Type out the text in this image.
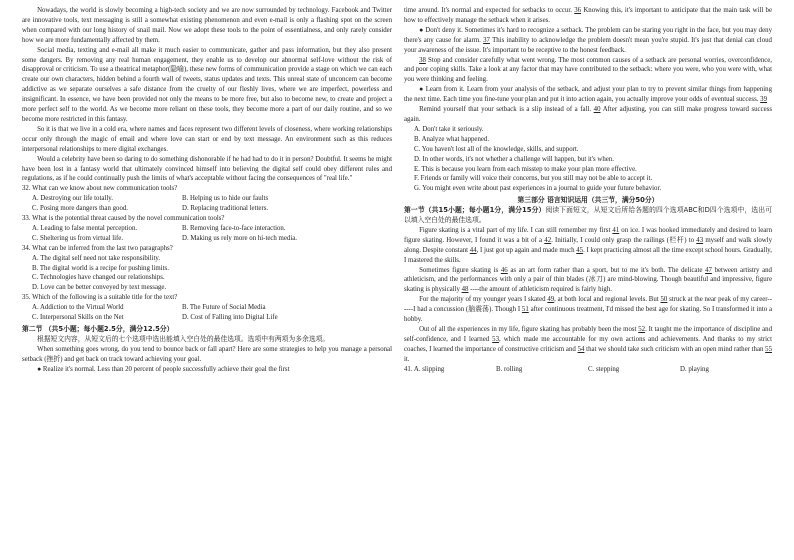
Nowadays, the world is slowly becoming a high-tech society and we are now surrounded by technology. Facebook and Twitter are innovative tools, text messaging is still a somewhat existing phenomenon and even e-mail is only a flashing spot on the screen when compared with our long history of snail mail. Now we adopt these tools to the point of essentialness, and only rarely consider how we are more fundamentally affected by them.

Social media, texting and e-mail all make it much easier to communicate, gather and pass information, but they also present some dangers. By removing any real human engagement, they enable us to develop our abnormal self-love without the risk of disapproval or criticism. To use a theatrical metaphor(隐喻), these new forms of communication provide a stage on which we can each create our own characters, hidden behind a fourth wall of tweets, status updates and texts. This unreal state of unconcern can become addictive as we separate ourselves a safe distance from the cruelty of our fleshly lives, where we are imperfect, powerless and insignificant. In essence, we have been provided not only the means to be more free, but also to become new, to create and project a more perfect self to the world. As we become more reliant on these tools, they become more a part of our daily routine, and so we become more restricted in this fantasy.

So it is that we live in a cold era, where names and faces represent two different levels of closeness, where working relationships occur only through the magic of email and where love can start or end by text message. An environment such as this reduces interpersonal relationships to mere digital exchanges.

Would a celebrity have been so daring to do something dishonorable if he had had to do it in person? Doubtful. It seems he might have been lost in a fantasy world that ultimately convinced himself into believing the digital self could obey different rules and regulations, as if he could continually push the limits of what's acceptable without facing the consequences of "real life."

32. What can we know about new communication tools?

A. Destroying our life totally.	B. Helping us to hide our faults
C. Posing more dangers than good.	D. Replacing traditional letters.

33. What is the potential threat caused by the novel communication tools?

A. Leading to false mental perception.	B. Removing face-to-face interaction.
C. Sheltering us from virtual life.	D. Making us rely more on hi-tech media.

34. What can be inferred from the last two paragraphs?

A. The digital self need not take responsibility.

B. The digital world is a recipe for pushing limits.

C. Technologies have changed our relationships.

D. Love can be better conveyed by text message.

35. Which of the following is a suitable title for the text?

A. Addiction to the Virtual World	B. The Future of Social Media
C. Interpersonal Skills on the Net	D. Cost of Falling into Digital Life

第二节 （共5小题；每小题2.5分，满分12.5分）

根据短文内容，从短文后的七个选项中选出能填入空白处的最佳选项。选项中有两项为多余选项。

When something goes wrong, do you tend to bounce back or fall apart? Here are some strategies to help you manage a personal setback (挫折) and get back on track toward achieving your goal.

● Realize it's normal. Less than 20 percent of people successfully achieve their goal the first

time around. It's normal and expected for setbacks to occur. 36 Knowing this, it's important to anticipate that the main task will be how to effectively manage the setback when it arises.

● Don't deny it. Sometimes it's hard to recognize a setback. The problem can be staring you right in the face, but you may deny there's any cause for alarm. 37 This inability to acknowledge the problem doesn't mean you're stupid. It's just that denial can cloud your awareness of the issue. It's important to be receptive to the honest feedback.

38 Stop and consider carefully what went wrong. The most common causes of a setback are personal worries, overconfidence, and poor coping skills. Take a look at any factor that may have contributed to the setback: where you were, who you were with, what you were thinking and feeling.

● Learn from it. Learn from your analysis of the setback, and adjust your plan to try to prevent similar things from happening the next time. Each time you fine-tune your plan and put it into action again, you actually improve your odds of eventual success. 39

Remind yourself that your setback is a slip instead of a fall. 40 After adjusting, you can still make progress toward success again.

A. Don't take it seriously.

B. Analyze what happened.

C. You haven't lost all of the knowledge, skills, and support.

D. In other words, it's not whether a challenge will happen, but it's when.

E. This is because you learn from each misstep to make your plan more effective.

F. Friends or family will voice their concerns, but you still may not be able to accept it.

G. You might even write about past experiences in a journal to guide your future behavior.

第三部分 语言知识运用（共三节，满分50分）

第一节（共15小题；每小题1分，满分15分）阅读下面短文，从短文后所给各题的四个选项ABC和D四个选项中，选出可以填入空白处的最佳选项。

Figure skating is a vital part of my life. I can still remember my first 41 on ice. I was hooked immediately and desired to learn figure skating. However, I found it was a bit of a 42. Initially, I could only grasp the railings (栏杆) to 43 myself and walk slowly along. Despite constant 44, I just got up again and made much 45. I kept practicing almost all the time except school hours. Gradually, I mastered the skills.

Sometimes figure skating is 46 as an art form rather than a sport, but to me it's both. The delicate 47 between artistry and athleticism, and the performances with only a pair of thin blades (冰刀) are mind-blowing. Though beautiful and impressive, figure skating is physically 48 ----the amount of athleticism required is fairly high.

For the majority of my younger years I skated 49, at both local and regional levels. But 50 struck at the near peak of my career------I had a concussion (脑震荡). Though I 51 after continuous treatment, I'd missed the best age for skating. So I transformed it into a hobby.

Out of all the experiences in my life, figure skating has probably been the most 52. It taught me the importance of discipline and self-confidence, and I learned 53, which made me accountable for my own actions and achievements. And thanks to my strict coaches, I learned the importance of constructive criticism and 54 that we should take such criticism with an open mind rather than 55 it.

41. A. slipping	B. rolling	C. stepping	D. playing
